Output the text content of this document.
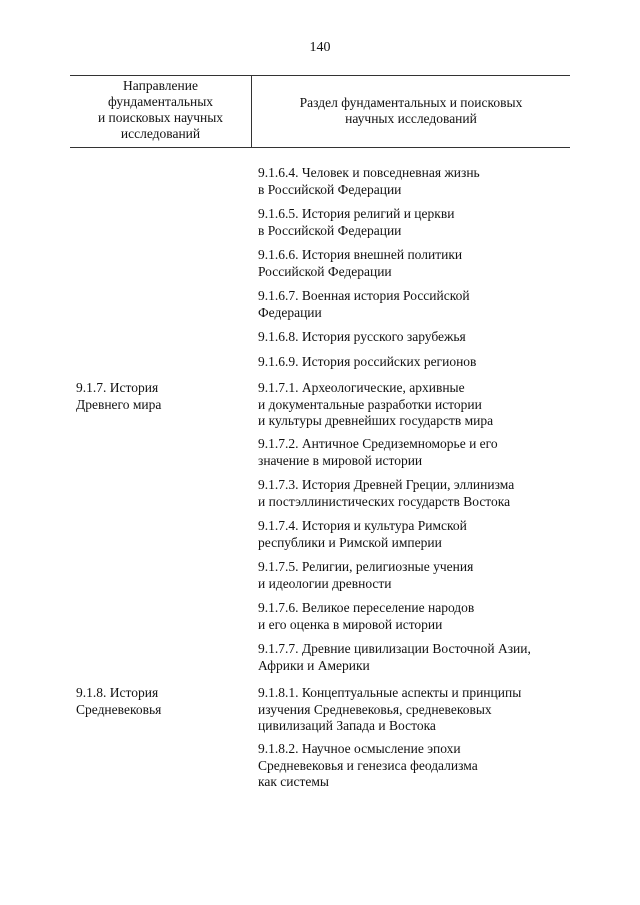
140
Направление
фундаментальных
и поисковых научных
исследований
Раздел фундаментальных и поисковых
научных исследований
9.1.7. История
Древнего мира
9.1.8. История
Средневековья
9.1.6.4. Человек и повседневная жизнь
в Российской Федерации
9.1.6.5. История религий и церкви
в Российской Федерации
9.1.6.6. История внешней политики
Российской Федерации
9.1.6.7. Военная история Российской
Федерации
9.1.6.8. История русского зарубежья
9.1.6.9. История российских регионов
9.1.7.1. Археологические, архивные
и документальные разработки истории
и культуры древнейших государств мира
9.1.7.2. Античное Средиземноморье и его
значение в мировой истории
9.1.7.3. История Древней Греции, эллинизма
и постэллинистических государств Востока
9.1.7.4. История и культура Римской
республики и Римской империи
9.1.7.5. Религии, религиозные учения
и идеологии древности
9.1.7.6. Великое переселение народов
и его оценка в мировой истории
9.1.7.7. Древние цивилизации Восточной Азии,
Африки и Америки
9.1.8.1. Концептуальные аспекты и принципы
изучения Средневековья, средневековых
цивилизаций Запада и Востока
9.1.8.2. Научное осмысление эпохи
Средневековья и генезиса феодализма
как системы
